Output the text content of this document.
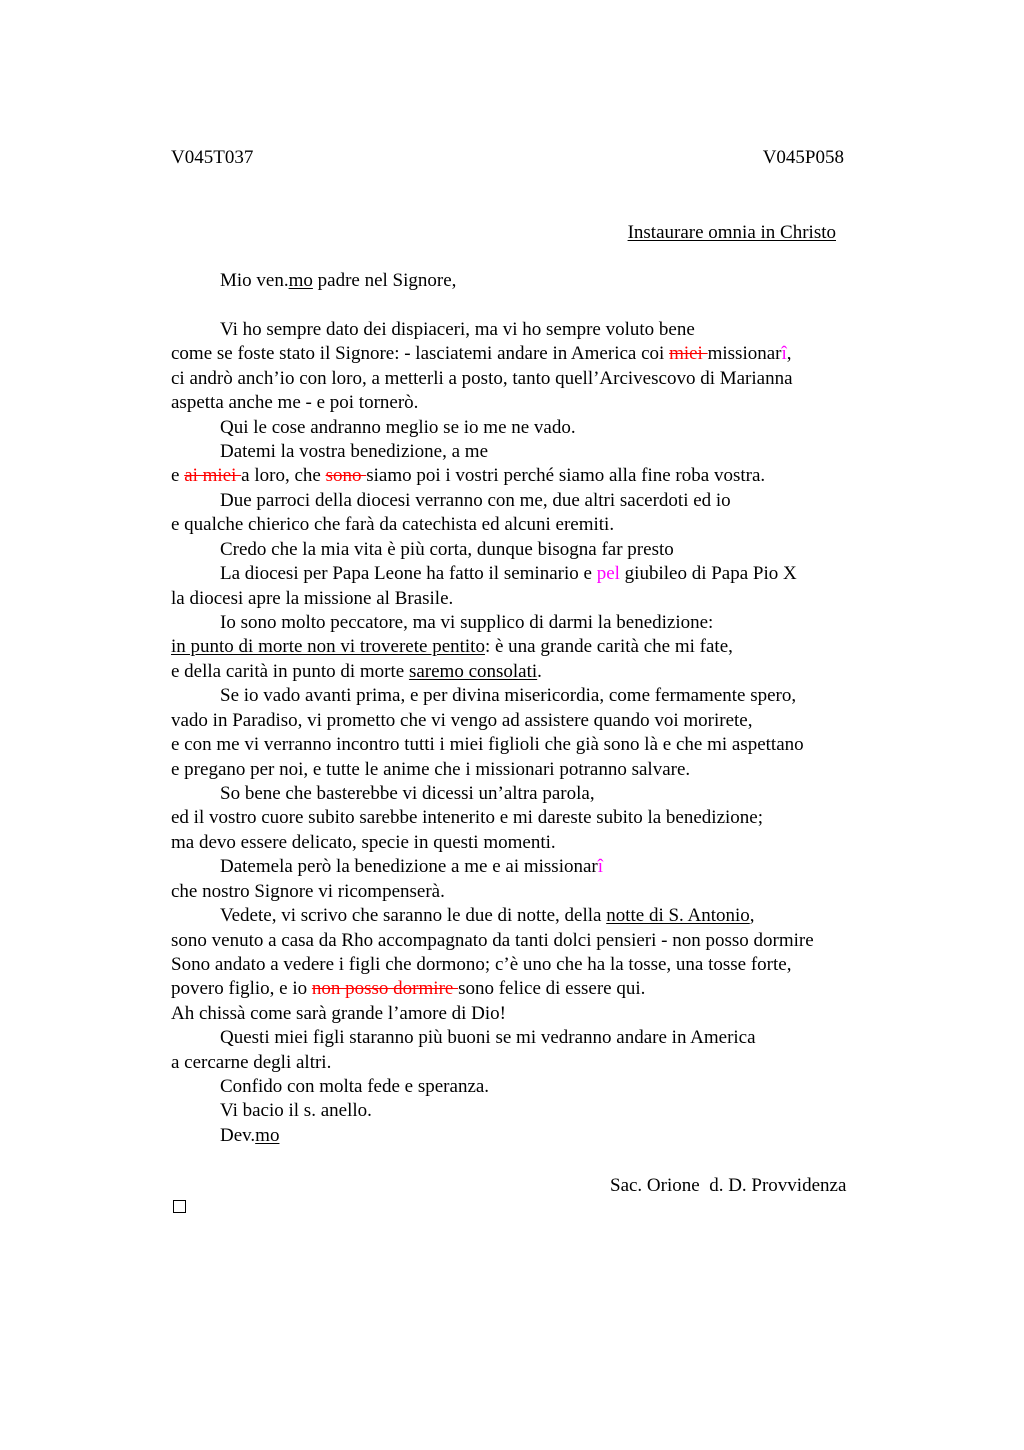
V045T037	V045P058
Instaurare omnia in Christo
Mio ven.mo padre nel Signore,
Vi ho sempre dato dei dispiaceri, ma vi ho sempre voluto bene
come se foste stato il Signore: - lasciatemi andare in America coi miei missionarî,
ci andrò anch’io con loro, a metterli a posto, tanto quell’Arcivescovo di Marianna
aspetta anche me - e poi tornerò.
Qui le cose andranno meglio se io me ne vado.
Datemi la vostra benedizione, a me
e ai miei a loro, che sono siamo poi i vostri perché siamo alla fine roba vostra.
Due parroci della diocesi verranno con me, due altri sacerdoti ed io
e qualche chierico che farà da catechista ed alcuni eremiti.
Credo che la mia vita è più corta, dunque bisogna far presto
La diocesi per Papa Leone ha fatto il seminario e pel giubileo di Papa Pio X
la diocesi apre la missione al Brasile.
Io sono molto peccatore, ma vi supplico di darmi la benedizione:
in punto di morte non vi troverete pentito: è una grande carità che mi fate,
e della carità in punto di morte saremo consolati.
Se io vado avanti prima, e per divina misericordia, come fermamente spero,
vado in Paradiso, vi prometto che vi vengo ad assistere quando voi morirete,
e con me vi verranno incontro tutti i miei figlioli che già sono là e che mi aspettano
e pregano per noi, e tutte le anime che i missionari potranno salvare.
So bene che basterebbe vi dicessi un’altra parola,
ed il vostro cuore subito sarebbe intenerito e mi dareste subito la benedizione;
ma devo essere delicato, specie in questi momenti.
Datemela però la benedizione a me e ai missionarî
che nostro Signore vi ricompenserà.
Vedete, vi scrivo che saranno le due di notte, della notte di S. Antonio,
sono venuto a casa da Rho accompagnato da tanti dolci pensieri - non posso dormire
Sono andato a vedere i figli che dormono; c’è uno che ha la tosse, una tosse forte,
povero figlio, e io non posso dormire sono felice di essere qui.
Ah chissà come sarà grande l’amore di Dio!
Questi miei figli staranno più buoni se mi vedranno andare in America
a cercarne degli altri.
Confido con molta fede e speranza.
Vi bacio il s. anello.
Dev.mo
Sac. Orione  d. D. Provvidenza
